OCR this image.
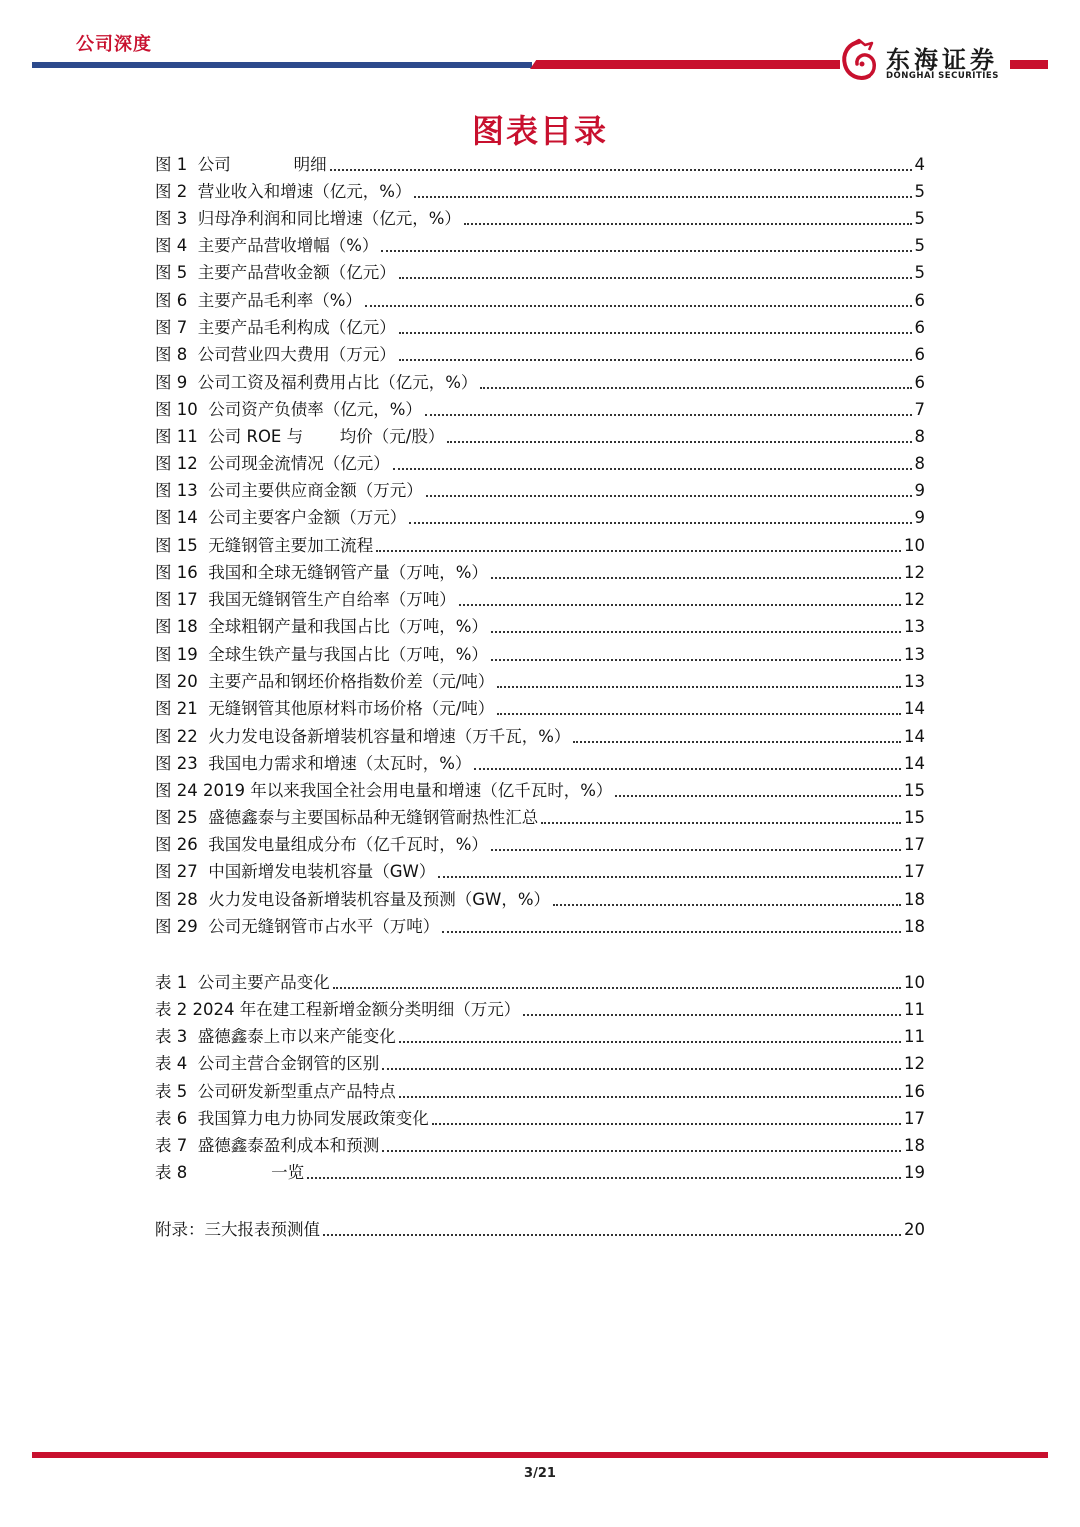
公司深度
东海证券
DONGHAI SECURITIES
图表目录
图 1  公司            明细	4
图 2  营业收入和增速（亿元，%）	5
图 3  归母净利润和同比增速（亿元，%）	5
图 4  主要产品营收增幅（%）	5
图 5  主要产品营收金额（亿元）	5
图 6  主要产品毛利率（%）	6
图 7  主要产品毛利构成（亿元）	6
图 8  公司营业四大费用（万元）	6
图 9  公司工资及福利费用占比（亿元，%）	6
图 10  公司资产负债率（亿元，%）	7
图 11  公司 ROE 与       均价（元/股）	8
图 12  公司现金流情况（亿元）	8
图 13  公司主要供应商金额（万元）	9
图 14  公司主要客户金额（万元）	9
图 15  无缝钢管主要加工流程	10
图 16  我国和全球无缝钢管产量（万吨，%）	12
图 17  我国无缝钢管生产自给率（万吨）	12
图 18  全球粗钢产量和我国占比（万吨，%）	13
图 19  全球生铁产量与我国占比（万吨，%）	13
图 20  主要产品和钢坯价格指数价差（元/吨）	13
图 21  无缝钢管其他原材料市场价格（元/吨）	14
图 22  火力发电设备新增装机容量和增速（万千瓦，%）	14
图 23  我国电力需求和增速（太瓦时，%）	14
图 24 2019 年以来我国全社会用电量和增速（亿千瓦时，%）	15
图 25  盛德鑫泰与主要国标品种无缝钢管耐热性汇总	15
图 26  我国发电量组成分布（亿千瓦时，%）	17
图 27  中国新增发电装机容量（GW）	17
图 28  火力发电设备新增装机容量及预测（GW，%）	18
图 29  公司无缝钢管市占水平（万吨）	18
表 1  公司主要产品变化	10
表 2 2024 年在建工程新增金额分类明细（万元）	11
表 3  盛德鑫泰上市以来产能变化	11
表 4  公司主营合金钢管的区别	12
表 5  公司研发新型重点产品特点	16
表 6  我国算力电力协同发展政策变化	17
表 7  盛德鑫泰盈利成本和预测	18
表 8                一览	19
附录：三大报表预测值	20
3/21
